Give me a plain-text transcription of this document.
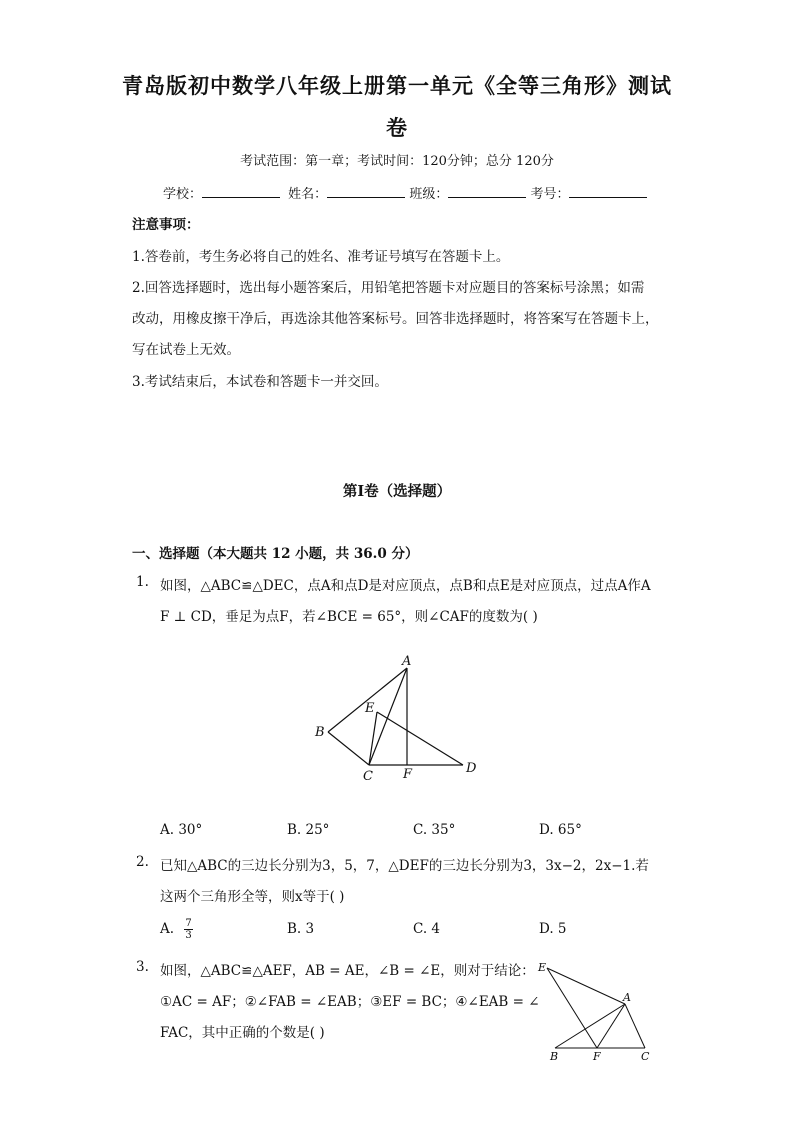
青岛版初中数学八年级上册第一单元《全等三角形》测试
卷
考试范围：第一章；考试时间：120分钟；总分 120分
学校：	姓名：	班级：	考号：
注意事项：
1.答卷前，考生务必将自己的姓名、准考证号填写在答题卡上。
2.回答选择题时，选出每小题答案后，用铅笔把答题卡对应题目的答案标号涂黑；如需
改动，用橡皮擦干净后，再选涂其他答案标号。回答非选择题时，将答案写在答题卡上，
写在试卷上无效。
3.考试结束后，本试卷和答题卡一并交回。
第Ⅰ卷（选择题）
一、选择题（本大题共 12 小题，共 36.0 分）
1. 如图，△ABC≌△DEC，点A和点D是对应顶点，点B和点E是对应顶点，过点A作A
F ⊥ CD，垂足为点F，若∠BCE = 65°，则∠CAF的度数为( )
A
B
C
D
E
F
A. 30°	B. 25°	C. 35°	D. 65°
2. 已知△ABC的三边长分别为3，5，7，△DEF的三边长分别为3，3x−2，2x−1.若
这两个三角形全等，则x等于( )
A. $\frac{7}{3}$	B. 3	C. 4	D. 5
3. 如图，△ABC≌△AEF，AB = AE，∠B = ∠E，则对于结论：
①AC = AF；②∠FAB = ∠EAB；③EF = BC；④∠EAB = ∠
FAC，其中正确的个数是( )
E
A
B	F	C
